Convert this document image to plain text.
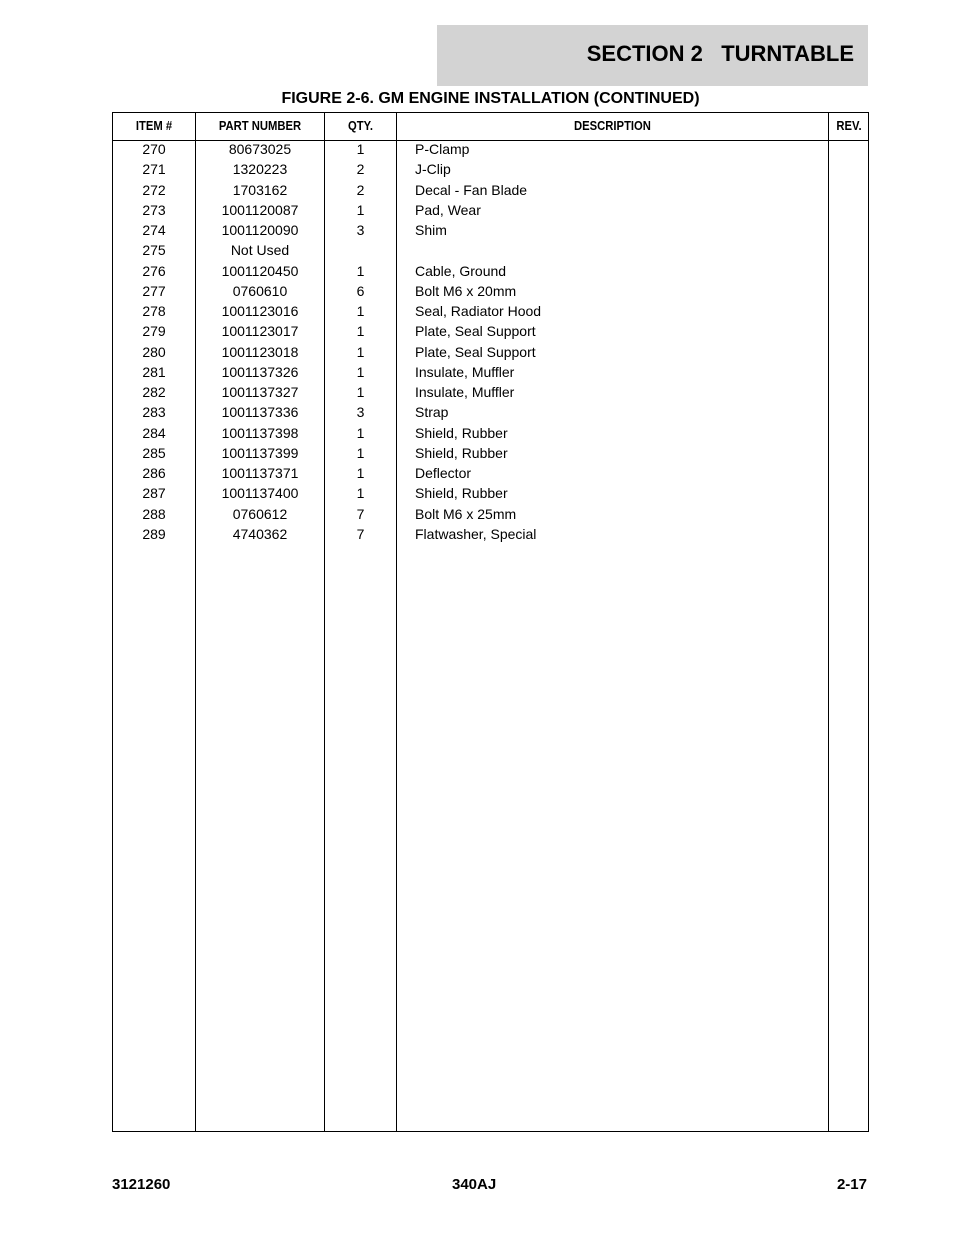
SECTION 2   TURNTABLE
FIGURE 2-6. GM ENGINE INSTALLATION (CONTINUED)
ITEM #	PART NUMBER	QTY.	DESCRIPTION	REV.
270	80673025	1	P-Clamp
271	1320223	2	J-Clip
272	1703162	2	Decal - Fan Blade
273	1001120087	1	Pad, Wear
274	1001120090	3	Shim
275	Not Used
276	1001120450	1	Cable, Ground
277	0760610	6	Bolt M6 x 20mm
278	1001123016	1	Seal, Radiator Hood
279	1001123017	1	Plate, Seal Support
280	1001123018	1	Plate, Seal Support
281	1001137326	1	Insulate, Muffler
282	1001137327	1	Insulate, Muffler
283	1001137336	3	Strap
284	1001137398	1	Shield, Rubber
285	1001137399	1	Shield, Rubber
286	1001137371	1	Deflector
287	1001137400	1	Shield, Rubber
288	0760612	7	Bolt M6 x 25mm
289	4740362	7	Flatwasher, Special
3121260	340AJ	2-17
